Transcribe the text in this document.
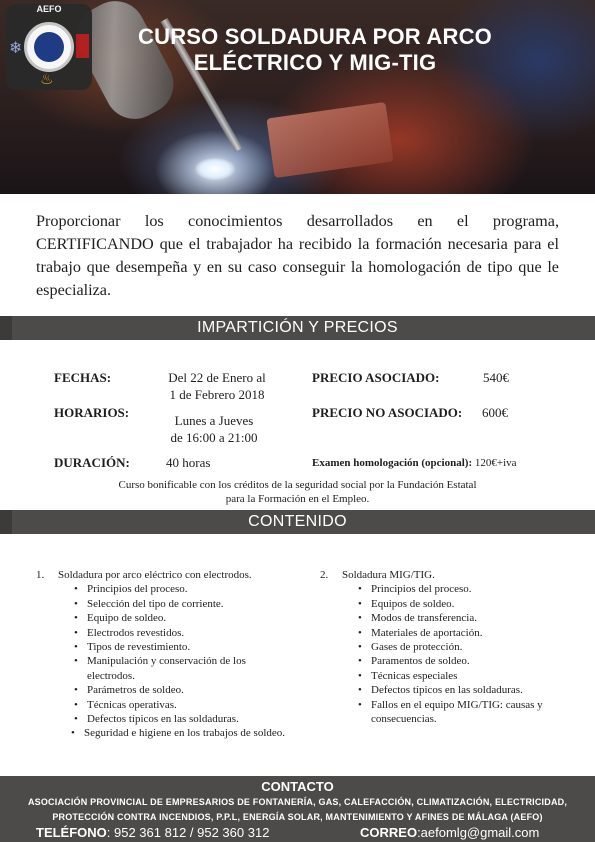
AEFO
❄
♨
CURSO SOLDADURA POR ARCO
ELÉCTRICO Y MIG-TIG

Proporcionar los conocimientos desarrollados en el programa, CERTIFICANDO que el trabajador ha recibido la formación necesaria para el trabajo que desempeña y en su caso conseguir la homologación de tipo que le especializa.

IMPARTICIÓN Y PRECIOS
FECHAS:	Del 22 de Enero al
1 de Febrero 2018
PRECIO ASOCIADO:	540€
HORARIOS:
Lunes a Jueves
de 16:00 a 21:00
PRECIO NO ASOCIADO: 600€
DURACIÓN:	40 horas	Examen homologación (opcional): 120€+iva
Curso bonificable con los créditos de la seguridad social por la Fundación Estatal
para la Formación en el Empleo.
CONTENIDO
1.	Soldadura por arco eléctrico con electrodos.
• Principios del proceso.
• Selección del tipo de corriente.
• Equipo de soldeo.
• Electrodos revestidos.
• Tipos de revestimiento.
• Manipulación y conservación de los electrodos.
• Parámetros de soldeo.
• Técnicas operativas.
• Defectos típicos en las soldaduras.
• Seguridad e higiene en los trabajos de soldeo.
2.	Soldadura MIG/TIG.
• Principios del proceso.
• Equipos de soldeo.
• Modos de transferencia.
• Materiales de aportación.
• Gases de protección.
• Paramentos de soldeo.
• Técnicas especiales
• Defectos típicos en las soldaduras.
• Fallos en el equipo MIG/TIG: causas y consecuencias.
CONTACTO
ASOCIACIÓN PROVINCIAL DE EMPRESARIOS DE FONTANERÍA, GAS, CALEFACCIÓN, CLIMATIZACIÓN, ELECTRICIDAD,
PROTECCIÓN CONTRA INCENDIOS, P.P.L, ENERGÍA SOLAR, MANTENIMIENTO Y AFINES DE MÁLAGA (AEFO)
TELÉFONO: 952 361 812 / 952 360 312	CORREO:aefomlg@gmail.com
